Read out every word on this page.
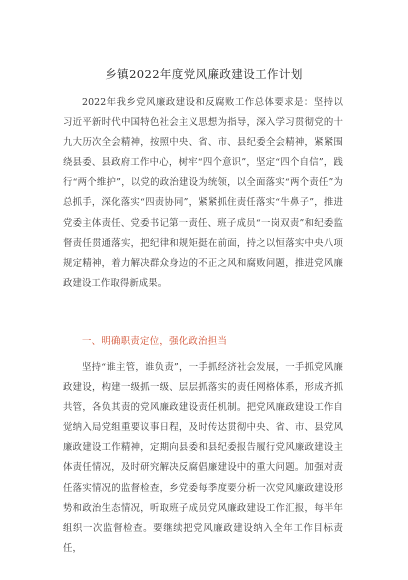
乡镇2022年度党风廉政建设工作计划

2022年我乡党风廉政建设和反腐败工作总体要求是：坚持以习近平新时代中国特色社会主义思想为指导，深入学习贯彻党的十九大历次全会精神，按照中央、省、市、县纪委全会精神，紧紧围绕县委、县政府工作中心，树牢“四个意识”，坚定“四个自信”，践行“两个维护”，以党的政治建设为统领，以全面落实“两个责任”为总抓手，深化落实“四责协同”，紧紧抓住责任落实“牛鼻子”，推进党委主体责任、党委书记第一责任、班子成员“一岗双责”和纪委监督责任贯通落实，把纪律和规矩挺在前面，持之以恒落实中央八项规定精神，着力解决群众身边的不正之风和腐败问题，推进党风廉政建设工作取得新成果。

一、明确职责定位，强化政治担当

坚持“谁主管，谁负责”，一手抓经济社会发展，一手抓党风廉政建设，构建一级抓一级、层层抓落实的责任网格体系，形成齐抓共管，各负其责的党风廉政建设责任机制。把党风廉政建设工作自觉纳入局党组重要议事日程，及时传达贯彻中央、省、市、县党风廉政建设工作精神，定期向县委和县纪委报告履行党风廉政建设主体责任情况，及时研究解决反腐倡廉建设中的重大问题。加强对责任落实情况的监督检查，乡党委每季度要分析一次党风廉政建设形势和政治生态情况，听取班子成员党风廉政建设工作汇报，每半年组织一次监督检查。要继续把党风廉政建设纳入全年工作目标责任，
